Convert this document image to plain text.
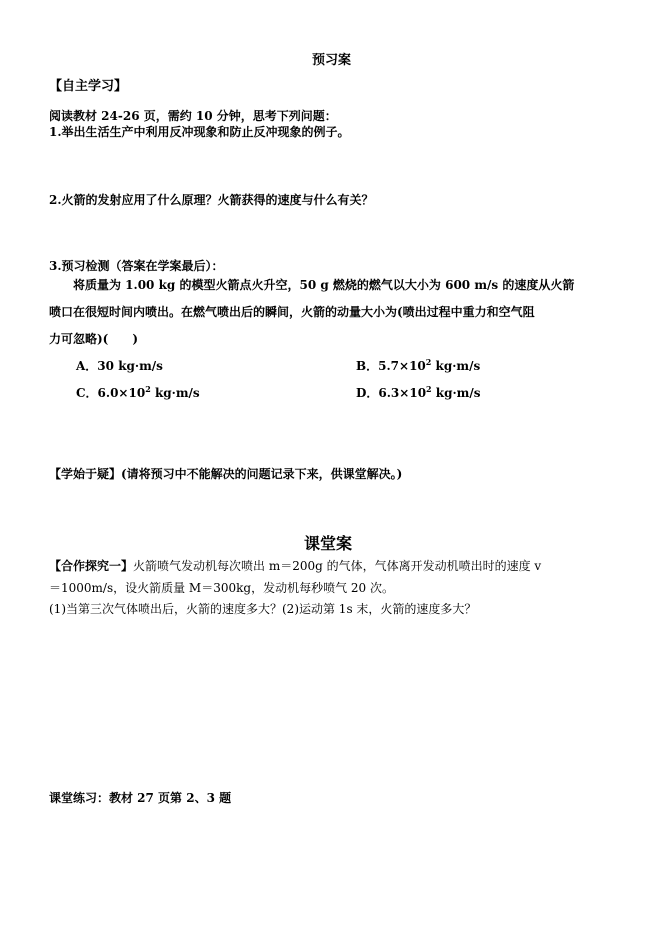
预习案
【自主学习】
阅读教材 24-26 页，需约 10 分钟，思考下列问题：
1.举出生活生产中利用反冲现象和防止反冲现象的例子。
2.火箭的发射应用了什么原理？火箭获得的速度与什么有关？
3.预习检测（答案在学案最后）：
将质量为 1.00 kg 的模型火箭点火升空，50 g 燃烧的燃气以大小为 600 m/s 的速度从火箭
喷口在很短时间内喷出。在燃气喷出后的瞬间，火箭的动量大小为(喷出过程中重力和空气阻
力可忽略)(　　)
A．30 kg·m/s	B．$5.7\times 10^2$ kg·m/s
C．$6.0\times 10^2$ kg·m/s	D．$6.3\times 10^2$ kg·m/s
【学始于疑】(请将预习中不能解决的问题记录下来，供课堂解决。)
课堂案
【合作探究一】火箭喷气发动机每次喷出 m＝200g 的气体，气体离开发动机喷出时的速度 v
＝1000m/s，设火箭质量 M＝300kg，发动机每秒喷气 20 次。
(1)当第三次气体喷出后，火箭的速度多大？(2)运动第 1s 末，火箭的速度多大？
课堂练习：教材 27 页第 2、3 题
